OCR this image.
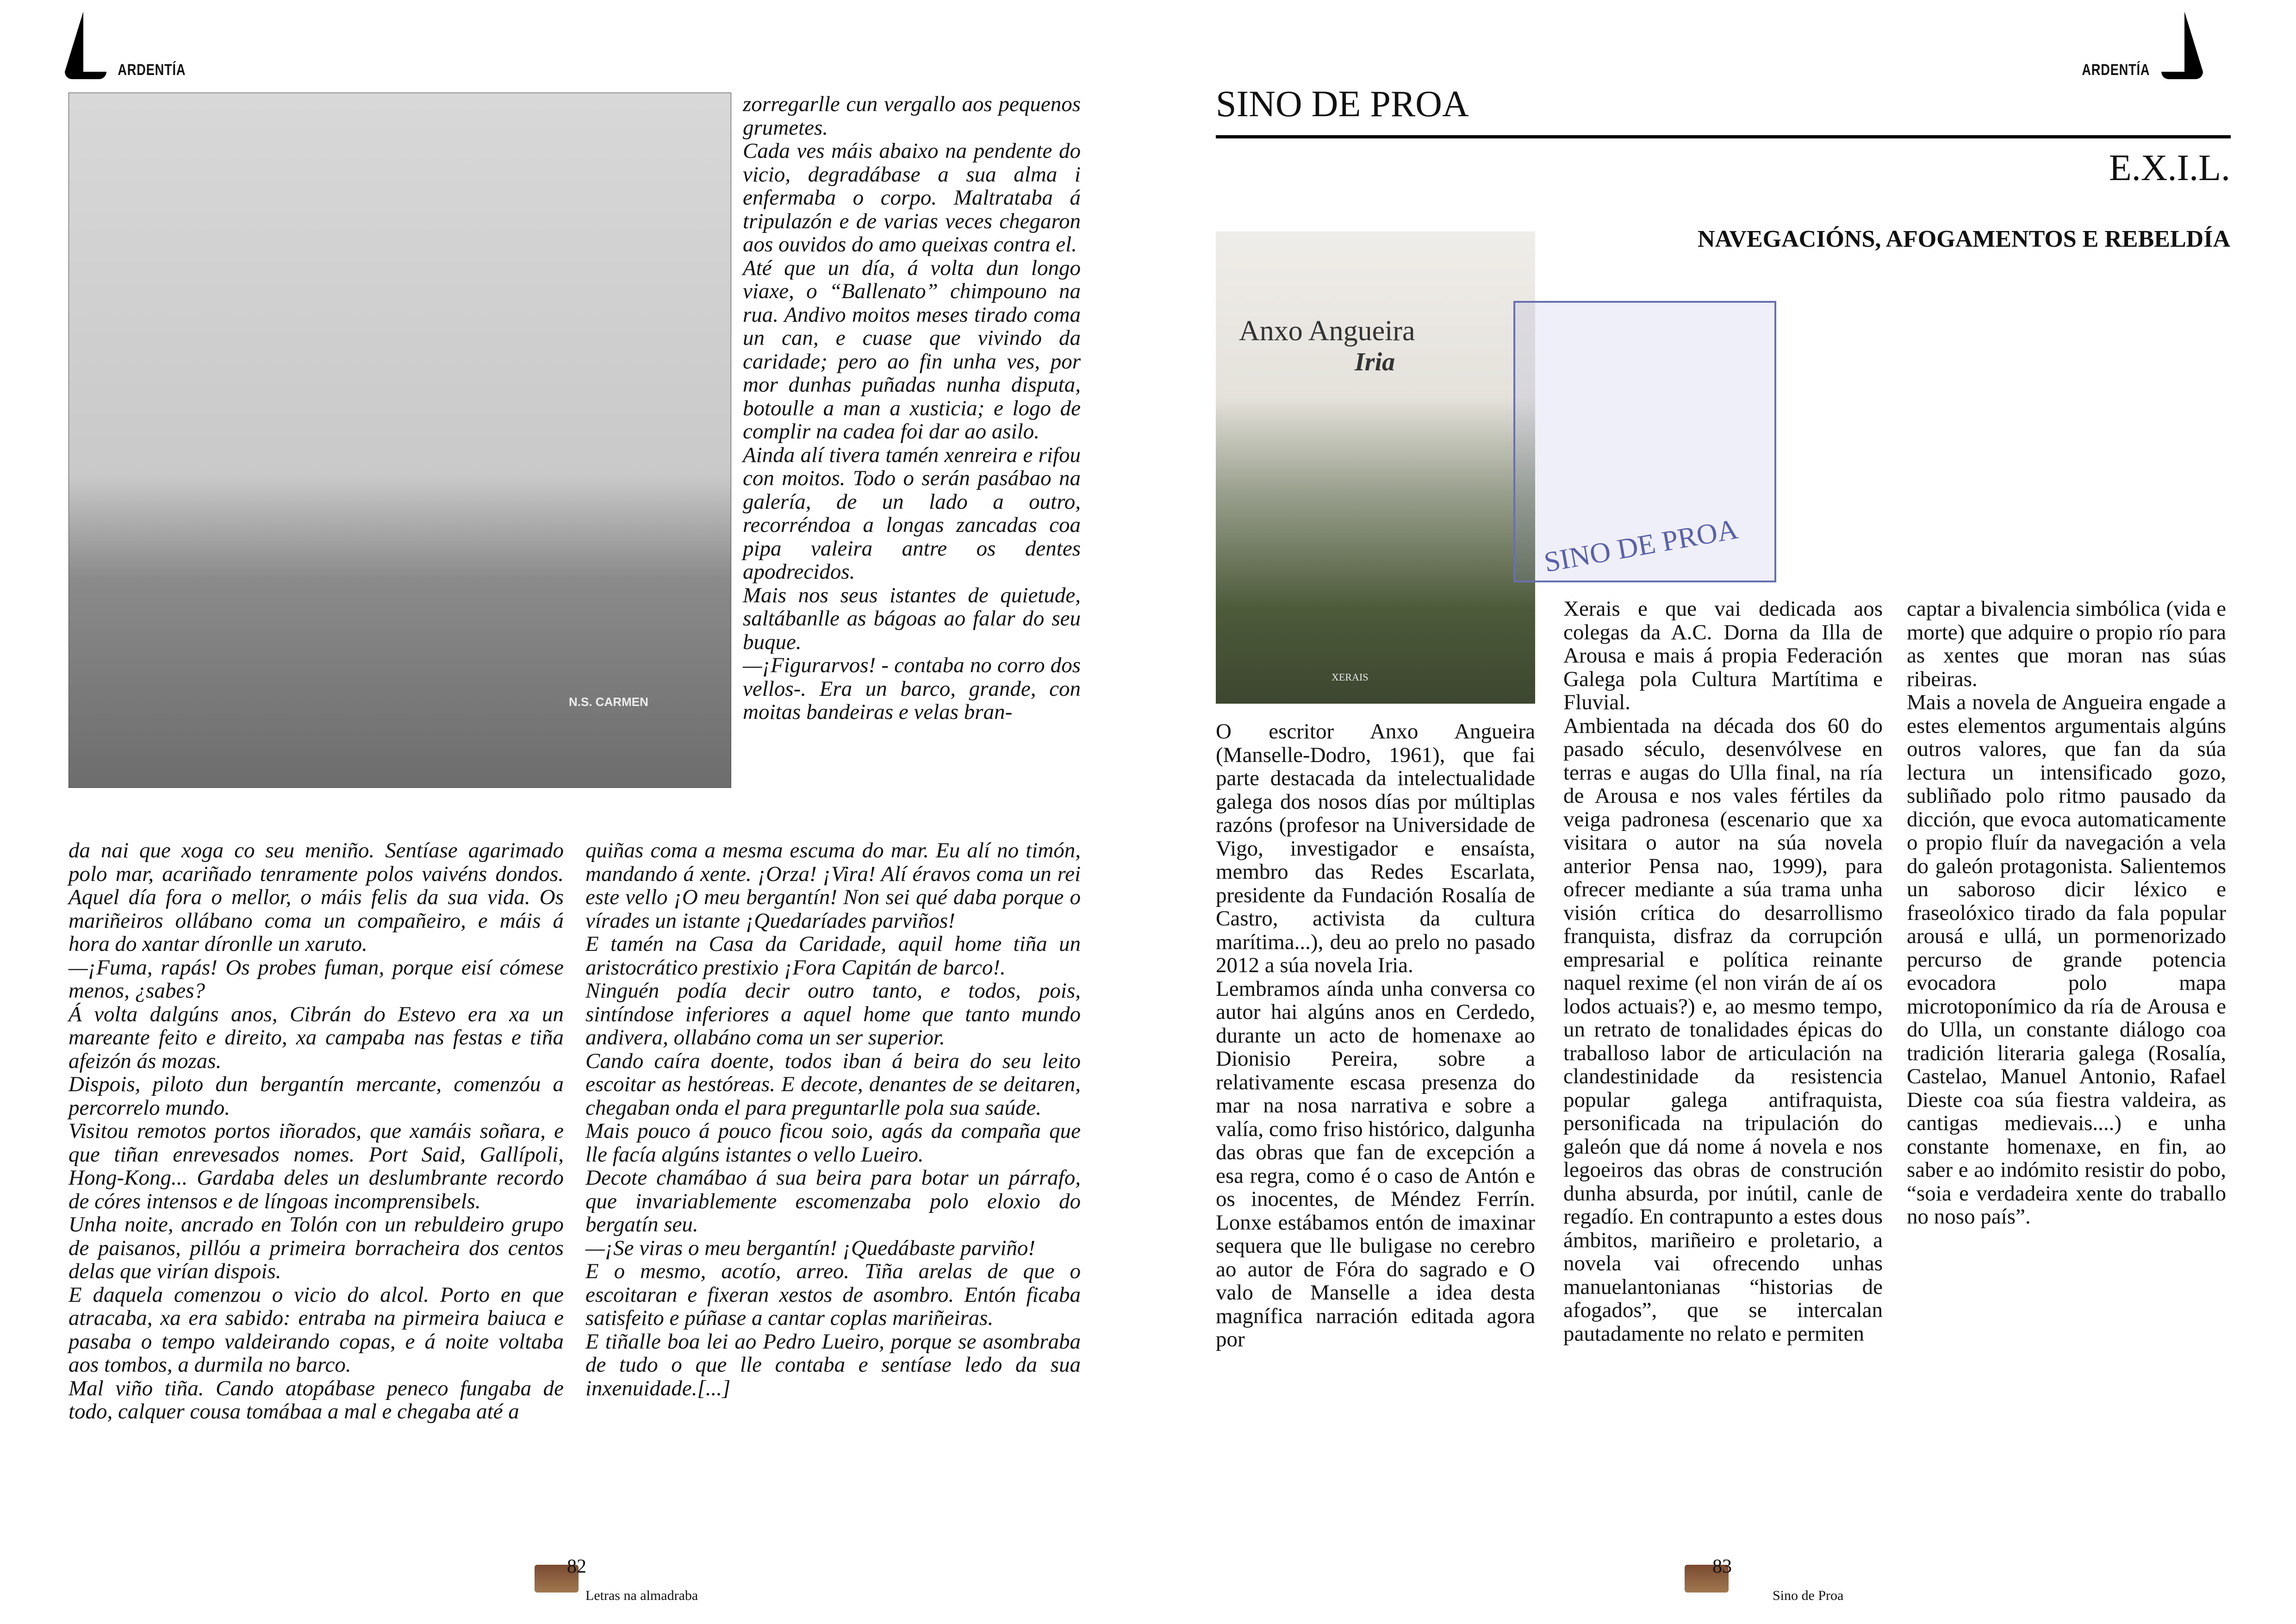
ARDENTÍA
N.S. CARMEN

zorregarlle cun vergallo aos pequenos grumetes.

Cada ves máis abaixo na pendente do vicio, degradábase a sua alma i enfermaba o corpo. Maltrataba á tripulazón e de varias veces chegaron aos ouvidos do amo queixas contra el.

Até que un día, á volta dun longo viaxe, o “Ballenato” chimpouno na rua. Andivo moitos meses tirado coma un can, e cuase que vivindo da caridade; pero ao fin unha ves, por mor dunhas puñadas nunha disputa, botoulle a man a xusticia; e logo de complir na cadea foi dar ao asilo.

Ainda alí tivera tamén xenreira e rifou con moitos. Todo o serán pasábao na galería, de un lado a outro, recorréndoa a longas zancadas coa pipa valeira antre os dentes apodrecidos.

Mais nos seus istantes de quietude, saltábanlle as bágoas ao falar do seu buque.

—¡Figurarvos! - contaba no corro dos vellos-. Era un barco, grande, con moitas bandeiras e velas bran-

da nai que xoga co seu meniño. Sentíase agarimado polo mar, acariñado tenramente polos vaivéns dondos. Aquel día fora o mellor, o máis felis da sua vida. Os mariñeiros ollábano coma un compañeiro, e máis á hora do xantar díronlle un xaruto.

—¡Fuma, rapás! Os probes fuman, porque eisí cómese menos, ¿sabes?

Á volta dalgúns anos, Cibrán do Estevo era xa un mareante feito e direito, xa campaba nas festas e tiña afeizón ás mozas.

Dispois, piloto dun bergantín mercante, comenzóu a percorrelo mundo.

Visitou remotos portos iñorados, que xamáis soñara, e que tiñan enrevesados nomes. Port Said, Gallípoli, Hong-Kong... Gardaba deles un deslumbrante recordo de córes intensos e de língoas incomprensibels.

Unha noite, ancrado en Tolón con un rebuldeiro grupo de paisanos, pillóu a primeira borracheira dos centos delas que virían dispois.

E daquela comenzou o vicio do alcol. Porto en que atracaba, xa era sabido: entraba na pirmeira baiuca e pasaba o tempo valdeirando copas, e á noite voltaba aos tombos, a durmila no barco.

Mal viño tiña. Cando atopábase peneco fungaba de todo, calquer cousa tomábaa a mal e chegaba até a

quiñas coma a mesma escuma do mar. Eu alí no timón, mandando á xente. ¡Orza! ¡Vira! Alí éravos coma un rei este vello ¡O meu bergantín! Non sei qué daba porque o vírades un istante ¡Quedaríades parviños!

E tamén na Casa da Caridade, aquil home tiña un aristocrático prestixio ¡Fora Capitán de barco!.

Ninguén podía decir outro tanto, e todos, pois, sintíndose inferiores a aquel home que tanto mundo andivera, ollabáno coma un ser superior.

Cando caíra doente, todos iban á beira do seu leito escoitar as hestóreas. E decote, denantes de se deitaren, chegaban onda el para preguntarlle pola sua saúde.

Mais pouco á pouco ficou soio, agás da compaña que lle facía algúns istantes o vello Lueiro.

Decote chamábao á sua beira para botar un párrafo, que invariablemente escomenzaba polo eloxio do bergatín seu.

—¡Se viras o meu bergantín! ¡Quedábaste parviño!

E o mesmo, acotío, arreo. Tiña arelas de que o escoitaran e fixeran xestos de asombro. Entón ficaba satisfeito e púñase a cantar coplas mariñeiras.

E tiñalle boa lei ao Pedro Lueiro, porque se asombraba de tudo o que lle contaba e sentíase ledo da sua inxenuidade.[...]

82
Letras na almadraba
ARDENTÍA
SINO DE PROA
E.X.I.L.
NAVEGACIÓNS, AFOGAMENTOS E REBELDÍA
Anxo Angueira
Iria
XERAIS
SINO DE PROA

O escritor Anxo Angueira (Manselle-Dodro, 1961), que fai parte destacada da intelectualidade galega dos nosos días por múltiplas razóns (profesor na Universidade de Vigo, investigador e ensaísta, membro das Redes Escarlata, presidente da Fundación Rosalía de Castro, activista da cultura marítima...), deu ao prelo no pasado 2012 a súa novela Iria.

Lembramos aínda unha conversa co autor hai algúns anos en Cerdedo, durante un acto de homenaxe ao Dionisio Pereira, sobre a relativamente escasa presenza do mar na nosa narrativa e sobre a valía, como friso histórico, dalgunha das obras que fan de excepción a esa regra, como é o caso de Antón e os inocentes, de Méndez Ferrín. Lonxe estábamos entón de imaxinar sequera que lle buligase no cerebro ao autor de Fóra do sagrado e O valo de Manselle a idea desta magnífica narración editada agora por

Xerais e que vai dedicada aos colegas da A.C. Dorna da Illa de Arousa e mais á propia Federación Galega pola Cultura Martítima e Fluvial.

Ambientada na década dos 60 do pasado século, desenvólvese en terras e augas do Ulla final, na ría de Arousa e nos vales fértiles da veiga padronesa (escenario que xa visitara o autor na súa novela anterior Pensa nao, 1999), para ofrecer mediante a súa trama unha visión crítica do desarrollismo franquista, disfraz da corrupción empresarial e política reinante naquel rexime (el non virán de aí os lodos actuais?) e, ao mesmo tempo, un retrato de tonalidades épicas do traballoso labor de articulación na clandestinidade da resistencia popular galega antifraquista, personificada na tripulación do galeón que dá nome á novela e nos legoeiros das obras de construción dunha absurda, por inútil, canle de regadío. En contrapunto a estes dous ámbitos, mariñeiro e proletario, a novela vai ofrecendo unhas manuelantonianas “historias de afogados”, que se intercalan pautadamente no relato e permiten

captar a bivalencia simbólica (vida e morte) que adquire o propio río para as xentes que moran nas súas ribeiras.

Mais a novela de Angueira engade a estes elementos argumentais algúns outros valores, que fan da súa lectura un intensificado gozo, subliñado polo ritmo pausado da dicción, que evoca automaticamente o propio fluír da navegación a vela do galeón protagonista. Salientemos un saboroso dicir léxico e fraseolóxico tirado da fala popular arousá e ullá, un pormenorizado percurso de grande potencia evocadora polo mapa microtoponímico da ría de Arousa e do Ulla, un constante diálogo coa tradición literaria galega (Rosalía, Castelao, Manuel Antonio, Rafael Dieste coa súa fiestra valdeira, as cantigas medievais....) e unha constante homenaxe, en fin, ao saber e ao indómito resistir do pobo, “soia e verdadeira xente do traballo no noso país”.

83
Sino de Proa
